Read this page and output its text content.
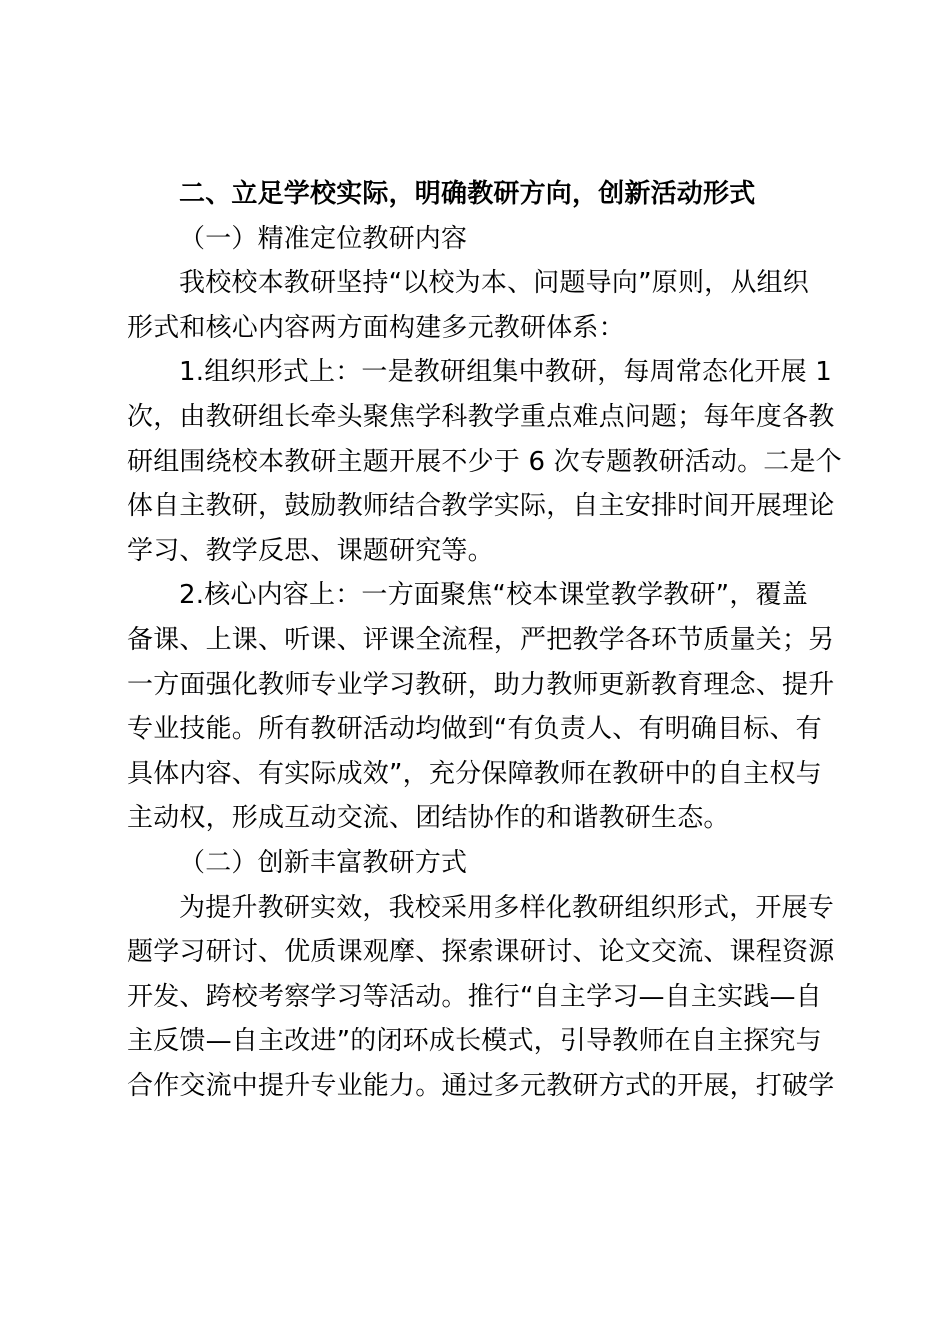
二、立足学校实际，明确教研方向，创新活动形式
（一）精准定位教研内容
我校校本教研坚持“以校为本、问题导向”原则，从组织
形式和核心内容两方面构建多元教研体系：
1.组织形式上：一是教研组集中教研，每周常态化开展 1
次，由教研组长牵头聚焦学科教学重点难点问题；每年度各教
研组围绕校本教研主题开展不少于 6 次专题教研活动。二是个
体自主教研，鼓励教师结合教学实际，自主安排时间开展理论
学习、教学反思、课题研究等。
2.核心内容上：一方面聚焦“校本课堂教学教研”，覆盖
备课、上课、听课、评课全流程，严把教学各环节质量关；另
一方面强化教师专业学习教研，助力教师更新教育理念、提升
专业技能。所有教研活动均做到“有负责人、有明确目标、有
具体内容、有实际成效”，充分保障教师在教研中的自主权与
主动权，形成互动交流、团结协作的和谐教研生态。
（二）创新丰富教研方式
为提升教研实效，我校采用多样化教研组织形式，开展专
题学习研讨、优质课观摩、探索课研讨、论文交流、课程资源
开发、跨校考察学习等活动。推行“自主学习—自主实践—自
主反馈—自主改进”的闭环成长模式，引导教师在自主探究与
合作交流中提升专业能力。通过多元教研方式的开展，打破学
